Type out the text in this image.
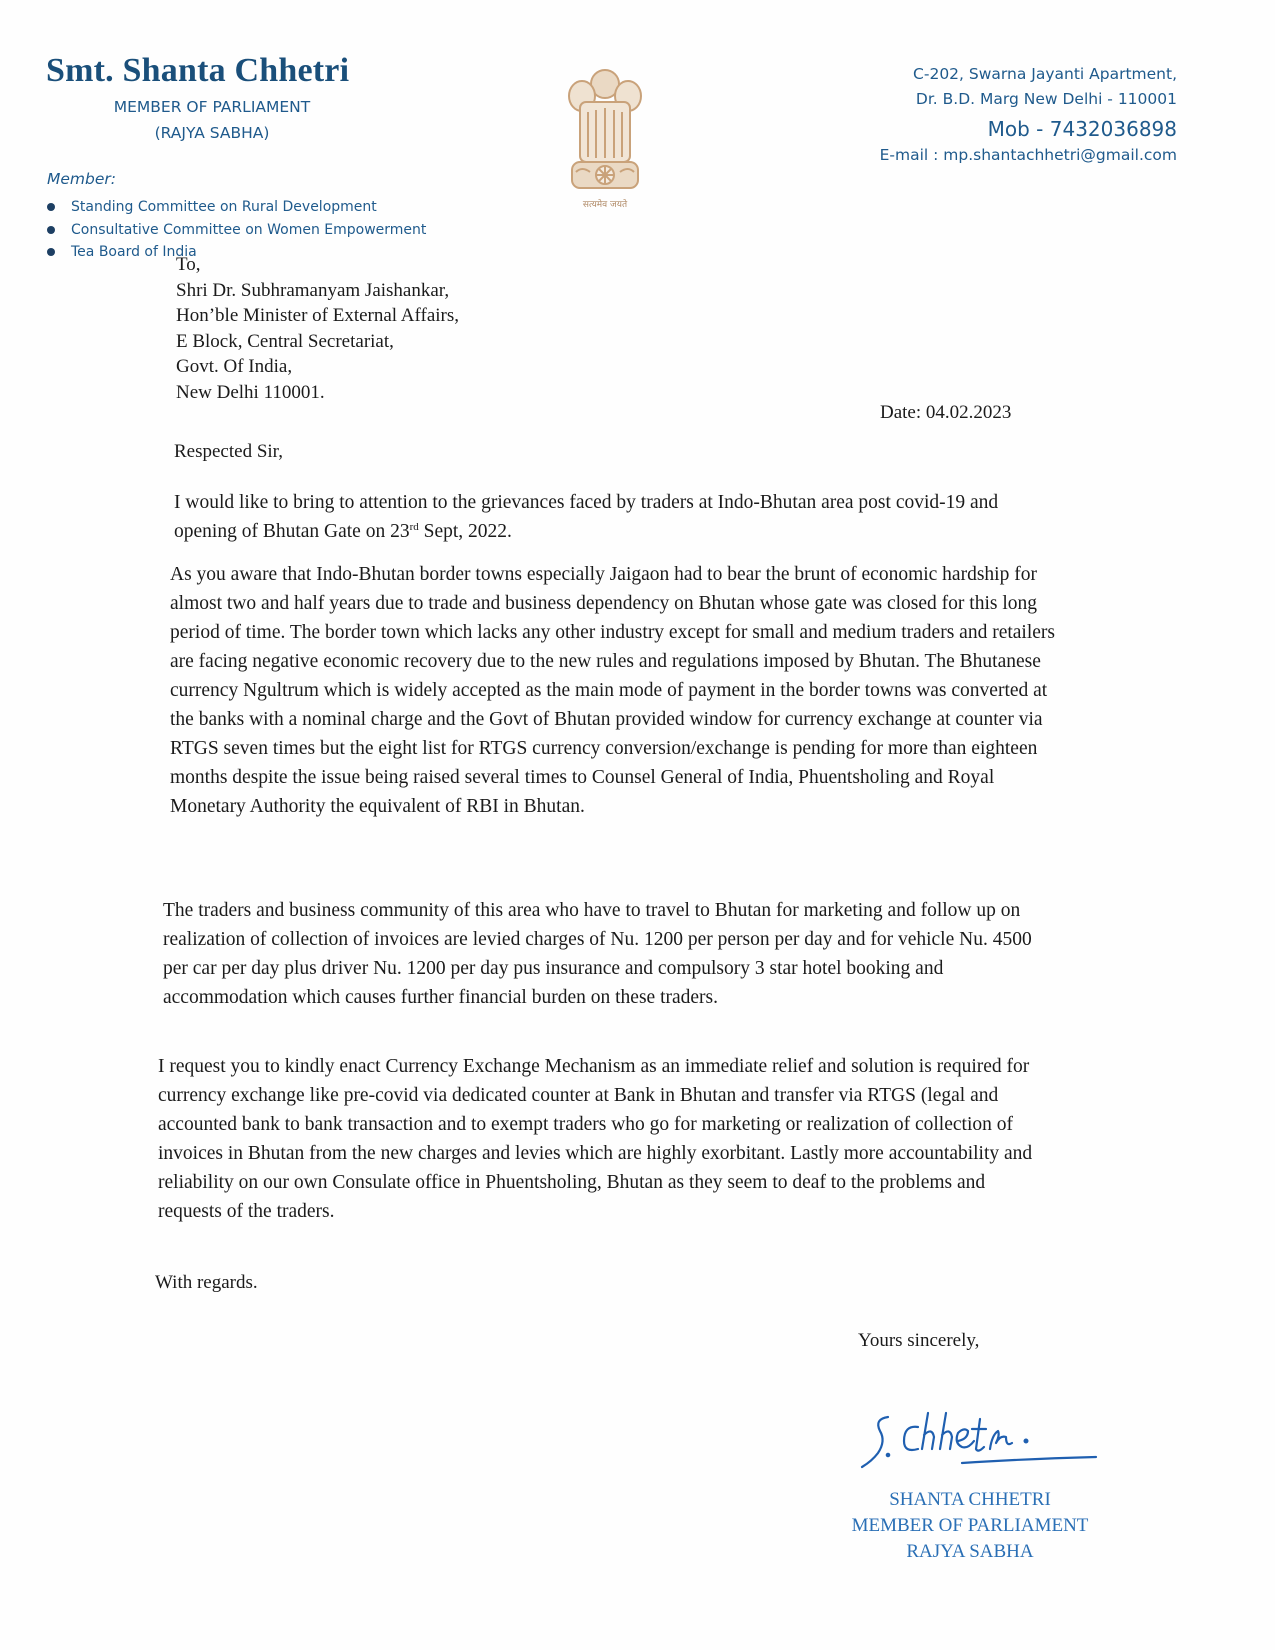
Smt. Shanta Chhetri
MEMBER OF PARLIAMENT
(RAJYA SABHA)
Member:
Standing Committee on Rural Development
Consultative Committee on Women Empowerment
Tea Board of India
सत्यमेव जयते
C-202, Swarna Jayanti Apartment,
Dr. B.D. Marg New Delhi - 110001
Mob - 7432036898
E-mail : mp.shantachhetri@gmail.com
To,
Shri Dr. Subhramanyam Jaishankar,
Hon’ble Minister of External Affairs,
E Block, Central Secretariat,
Govt. Of India,
New Delhi 110001.
Date: 04.02.2023
Respected Sir,
I would like to bring to attention to the grievances faced by traders at Indo-Bhutan area post covid-19 and opening of Bhutan Gate on 23rd Sept, 2022.
As you aware that Indo-Bhutan border towns especially Jaigaon had to bear the brunt of economic hardship for almost two and half years due to trade and business dependency on Bhutan whose gate was closed for this long period of time. The border town which lacks any other industry except for small and medium traders and retailers are facing negative economic recovery due to the new rules and regulations imposed by Bhutan. The Bhutanese currency Ngultrum which is widely accepted as the main mode of payment in the border towns was converted at the banks with a nominal charge and the Govt of Bhutan provided window for currency exchange at counter via RTGS seven times but the eight list for RTGS currency conversion/exchange is pending for more than eighteen months despite the issue being raised several times to Counsel General of India, Phuentsholing and Royal Monetary Authority the equivalent of RBI in Bhutan.
The traders and business community of this area who have to travel to Bhutan for marketing and follow up on realization of collection of invoices are levied charges of Nu. 1200 per person per day and for vehicle Nu. 4500 per car per day plus driver Nu. 1200 per day pus insurance and compulsory 3 star hotel booking and accommodation which causes further financial burden on these traders.
I request you to kindly enact Currency Exchange Mechanism as an immediate relief and solution is required for currency exchange like pre-covid via dedicated counter at Bank in Bhutan and transfer via RTGS (legal and accounted bank to bank transaction and to exempt traders who go for marketing or realization of collection of invoices in Bhutan from the new charges and levies which are highly exorbitant. Lastly more accountability and reliability on our own Consulate office in Phuentsholing, Bhutan as they seem to deaf to the problems and requests of the traders.
With regards.
Yours sincerely,
SHANTA CHHETRI
MEMBER OF PARLIAMENT
RAJYA SABHA
